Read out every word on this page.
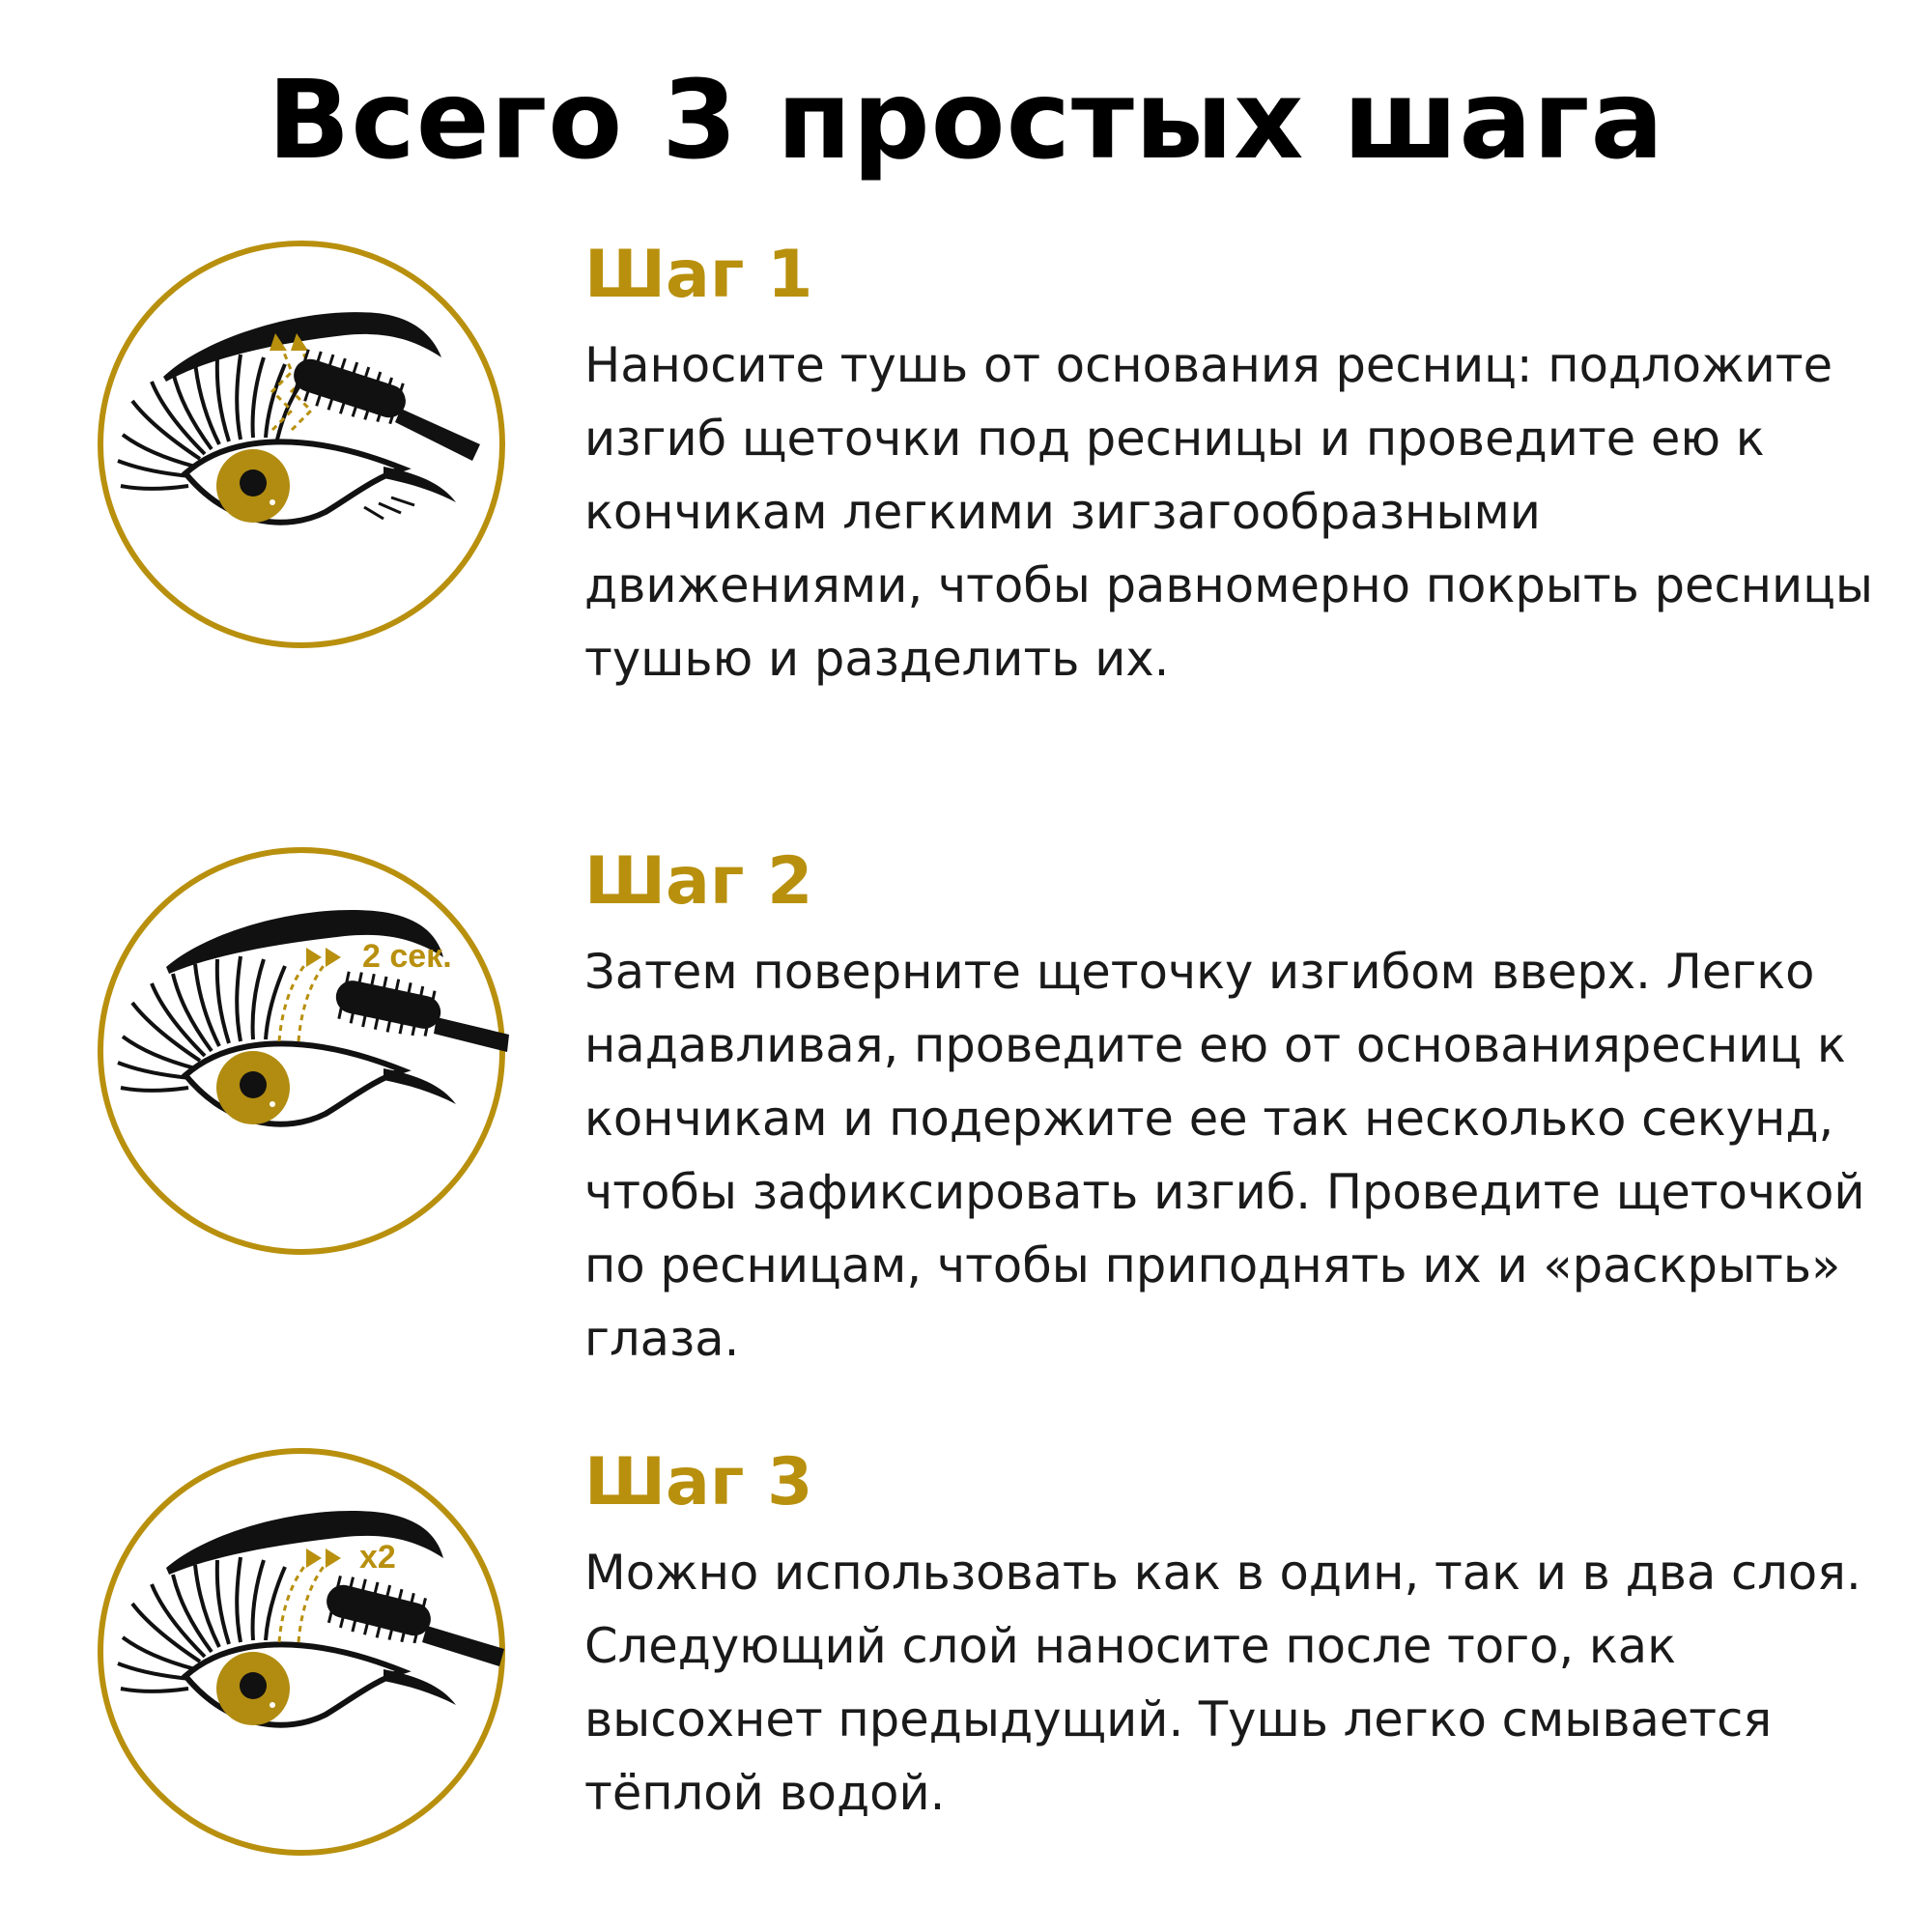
Всего 3 простых шага
Шаг 1
Наносите тушь от основания ресниц: подложите изгиб щеточки под ресницы и проведите ею к кончикам легкими зигзагообразными движениями, чтобы равномерно покрыть ресницы тушью и разделить их.
2 сек.
Шаг 2
Затем поверните щеточку изгибом вверх. Легко надавливая, проведите ею от основанияресниц к кончикам и подержите ее так несколько секунд, чтобы зафиксировать изгиб. Проведите щеточкой по ресницам, чтобы приподнять их и «раскрыть» глаза.
x2
Шаг 3
Можно использовать как в один, так и в два слоя. Следующий слой наносите после того, как высохнет предыдущий. Тушь легко смывается тёплой водой.
